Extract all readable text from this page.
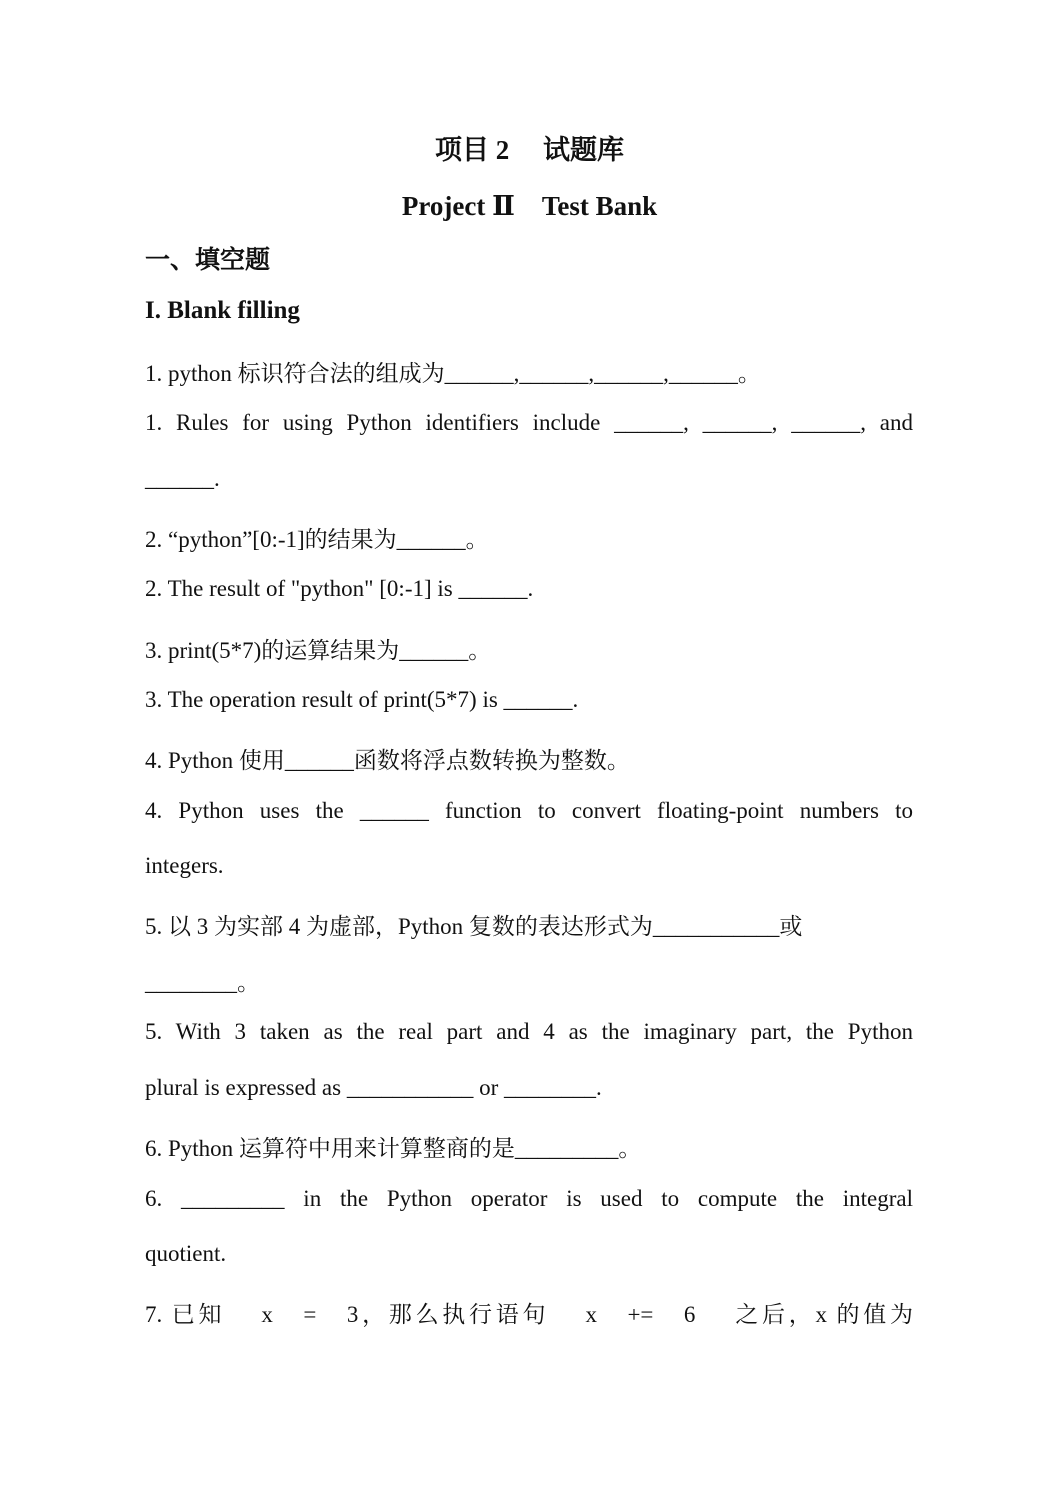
项目 2　 试题库
Project Ⅱ　Test Bank
一、填空题
I. Blank filling
1. python 标识符合法的组成为______,______,______,______。
1. Rules for using Python identifiers include ______, ______, ______, and
______.
2. “python”[0:-1]的结果为______。
2. The result of "python" [0:-1] is ______.
3. print(5*7)的运算结果为______。
3. The operation result of print(5*7) is ______.
4. Python 使用______函数将浮点数转换为整数。
4. Python uses the ______ function to convert floating-point numbers to
integers.
5. 以 3 为实部 4 为虚部，Python 复数的表达形式为___________或
________。
5. With 3 taken as the real part and 4 as the imaginary part, the Python
plural is expressed as ___________ or ________.
6. Python 运算符中用来计算整商的是_________。
6. _________ in the Python operator is used to compute the integral
quotient.
7. 已知　 x　=　3，那么执行语句　 x　+=　6　 之后，x 的值为
